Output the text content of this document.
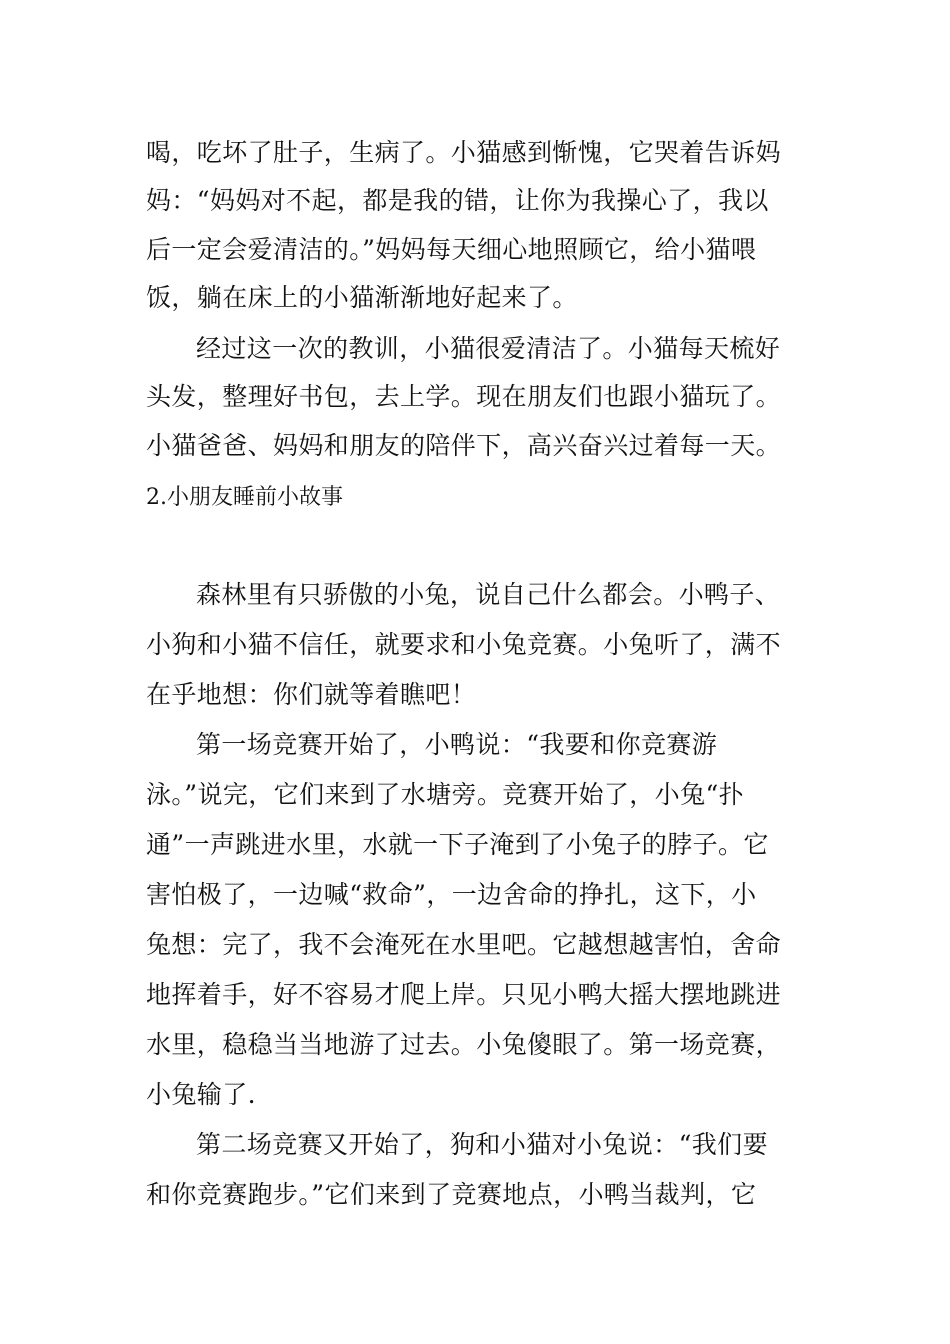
喝，吃坏了肚子，生病了。小猫感到惭愧，它哭着告诉妈
妈：“妈妈对不起，都是我的错，让你为我操心了，我以
后一定会爱清洁的。”妈妈每天细心地照顾它，给小猫喂
饭，躺在床上的小猫渐渐地好起来了。
经过这一次的教训，小猫很爱清洁了。小猫每天梳好
头发，整理好书包，去上学。现在朋友们也跟小猫玩了。
小猫爸爸、妈妈和朋友的陪伴下，高兴奋兴过着每一天。
2.小朋友睡前小故事
森林里有只骄傲的小兔，说自己什么都会。小鸭子、
小狗和小猫不信任，就要求和小兔竞赛。小兔听了，满不
在乎地想：你们就等着瞧吧！
第一场竞赛开始了，小鸭说：“我要和你竞赛游
泳。”说完，它们来到了水塘旁。竞赛开始了，小兔“扑
通”一声跳进水里，水就一下子淹到了小兔子的脖子。它
害怕极了，一边喊“救命”，一边舍命的挣扎，这下，小
兔想：完了，我不会淹死在水里吧。它越想越害怕，舍命
地挥着手，好不容易才爬上岸。只见小鸭大摇大摆地跳进
水里，稳稳当当地游了过去。小兔傻眼了。第一场竞赛，
小兔输了.
第二场竞赛又开始了，狗和小猫对小兔说：“我们要
和你竞赛跑步。”它们来到了竞赛地点，小鸭当裁判，它
